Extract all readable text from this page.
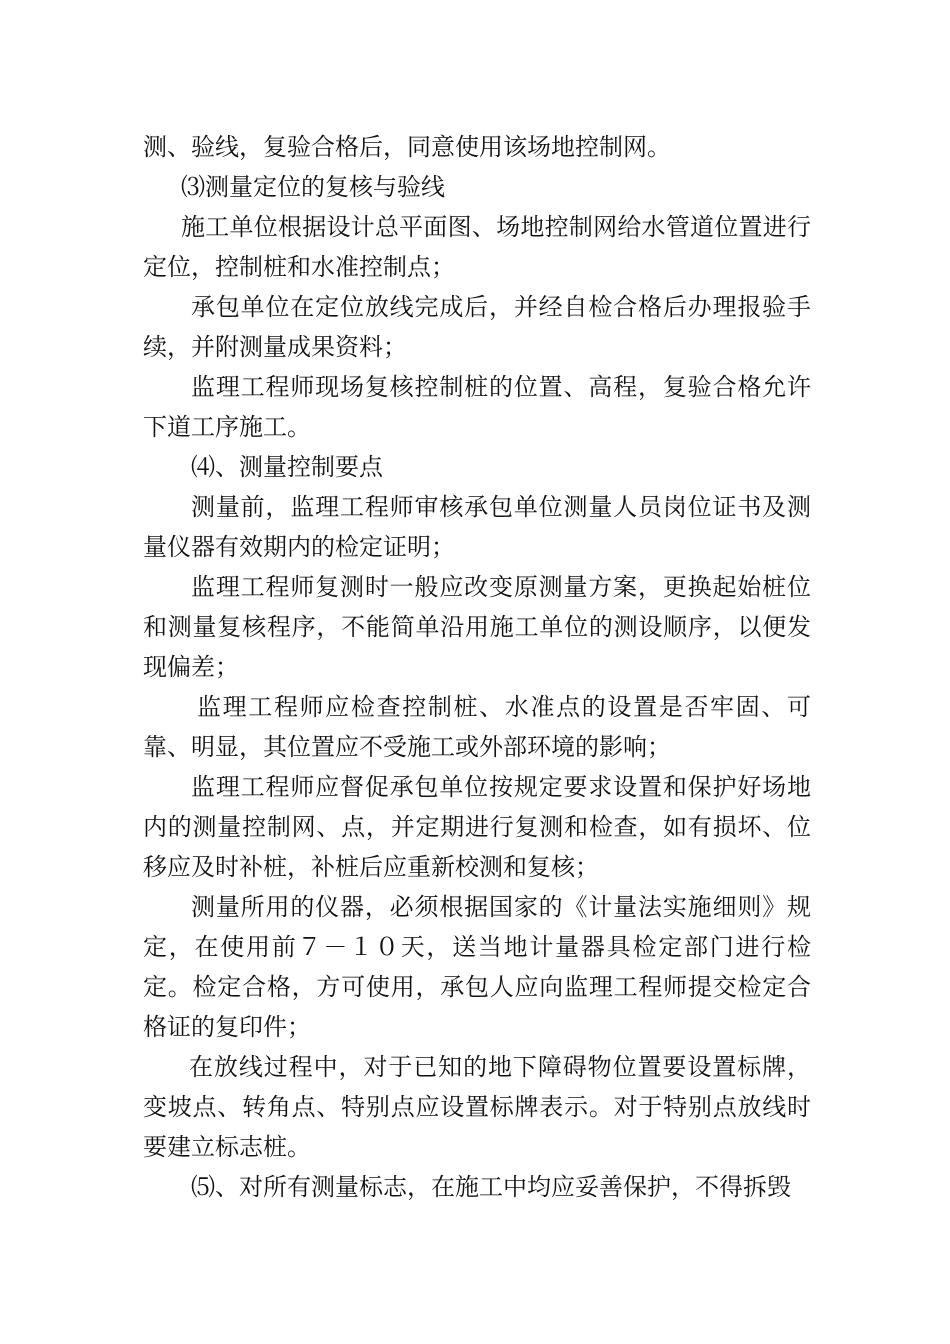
测、验线，复验合格后，同意使用该场地控制网。

⑶测量定位的复核与验线

施工单位根据设计总平面图、场地控制网给水管道位置进行定位，控制桩和水准控制点；

承包单位在定位放线完成后，并经自检合格后办理报验手续，并附测量成果资料；

监理工程师现场复核控制桩的位置、高程，复验合格允许下道工序施工。

⑷、测量控制要点

测量前，监理工程师审核承包单位测量人员岗位证书及测量仪器有效期内的检定证明；

监理工程师复测时一般应改变原测量方案，更换起始桩位和测量复核程序，不能简单沿用施工单位的测设顺序，以便发现偏差；

监理工程师应检查控制桩、水准点的设置是否牢固、可靠、明显，其位置应不受施工或外部环境的影响；

监理工程师应督促承包单位按规定要求设置和保护好场地内的测量控制网、点，并定期进行复测和检查，如有损坏、位移应及时补桩，补桩后应重新校测和复核；

测量所用的仪器，必须根据国家的《计量法实施细则》规定，在使用前７－１０天，送当地计量器具检定部门进行检定。检定合格，方可使用，承包人应向监理工程师提交检定合格证的复印件；

在放线过程中，对于已知的地下障碍物位置要设置标牌，变坡点、转角点、特别点应设置标牌表示。对于特别点放线时要建立标志桩。

⑸、对所有测量标志，在施工中均应妥善保护，不得拆毁
